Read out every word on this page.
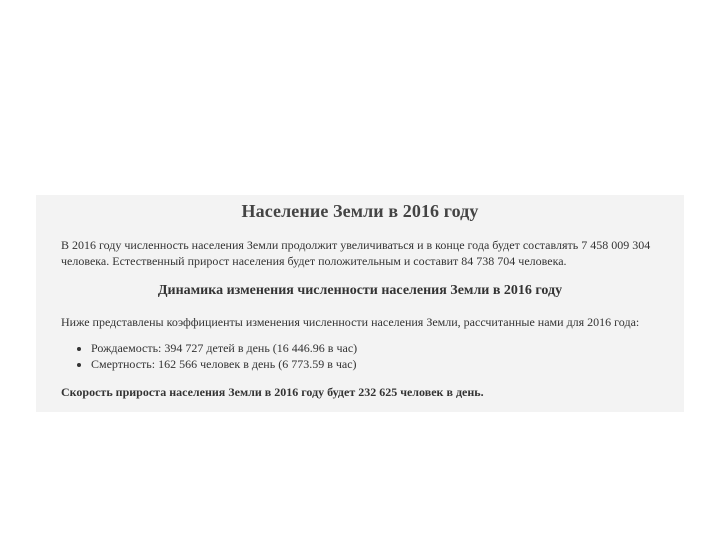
Население Земли в 2016 году

В 2016 году численность населения Земли продолжит увеличиваться и в конце года будет составлять 7 458 009 304 человека. Естественный прирост населения будет положительным и составит 84 738 704 человека.

Динамика изменения численности населения Земли в 2016 году

Ниже представлены коэффициенты изменения численности населения Земли, рассчитанные нами для 2016 года:

• Рождаемость: 394 727 детей в день (16 446.96 в час)
• Смертность: 162 566 человек в день (6 773.59 в час)

Скорость прироста населения Земли в 2016 году будет 232 625 человек в день.
